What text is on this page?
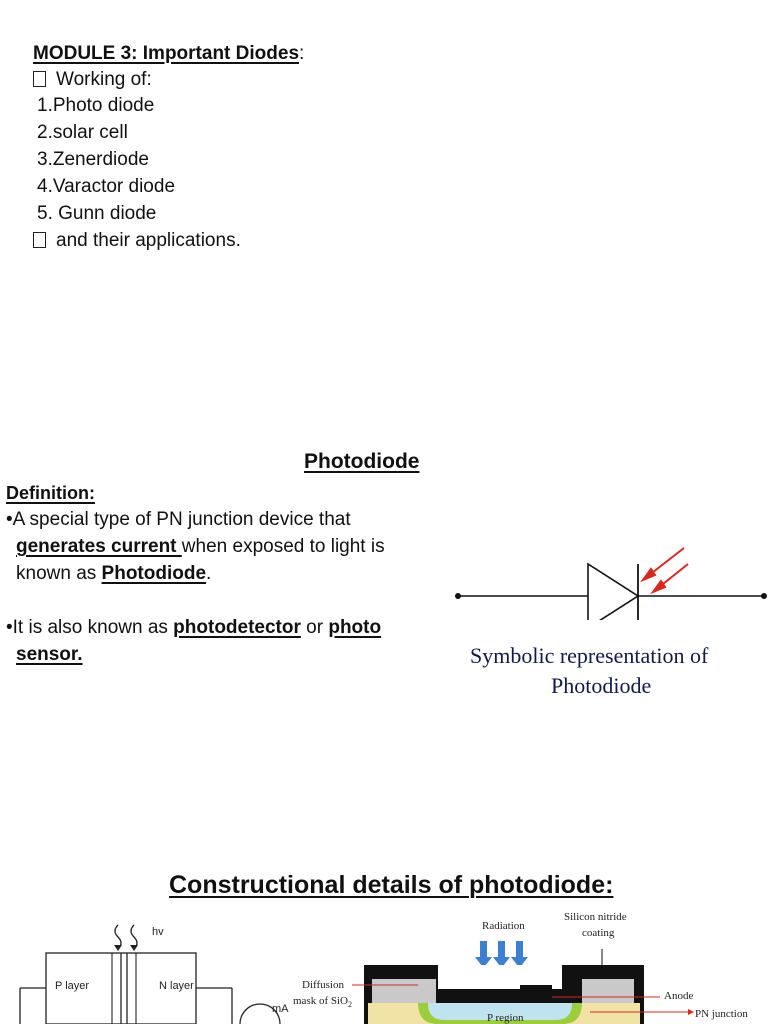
MODULE 3: Important Diodes:
Working of:
1.Photo diode
2.solar cell
3.Zenerdiode
4.Varactor diode
5. Gunn diode
and their applications.
Photodiode
Definition:
•A special type of PN junction device that
generates current when exposed to light is
known as Photodiode.
•It is also known as photodetector or photo
sensor.	Symbolic representation of
Photodiode
Constructional details of photodiode:
hv
P layer	N layer
mA
Radiation
Silicon nitride
coating
Diffusion
mask of SiO$_2$
Anode
P region	PN junction
